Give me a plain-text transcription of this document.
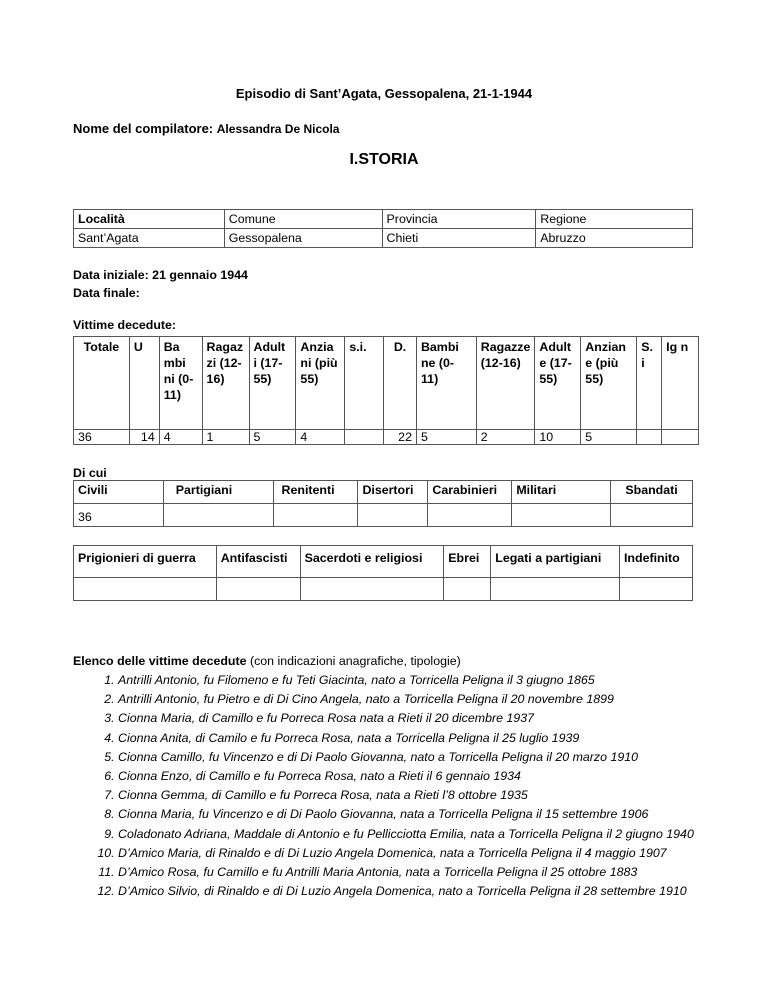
Episodio di Sant’Agata, Gessopalena, 21-1-1944
Nome del compilatore: Alessandra De Nicola
I.STORIA
Località	Comune	Provincia	Regione
Sant’Agata	Gessopalena	Chieti	Abruzzo
Data iniziale: 21 gennaio 1944
Data finale:
Vittime decedute:
Totale	U	Ba mbi ni (0- 11)	Ragaz zi (12- 16)	Adult i (17- 55)	Anzia ni (più 55)	s.i.	D.	Bambi ne (0- 11)	Ragazze (12-16)	Adult e (17- 55)	Anzian e (più 55)	S. i	Ig n
36	14	4	1	5	4		22	5	2	10	5		
Di cui
Civili	Partigiani	Renitenti	Disertori	Carabinieri	Militari	Sbandati
36						
Prigionieri di guerra	Antifascisti	Sacerdoti e religiosi	Ebrei	Legati a partigiani	Indefinito

Elenco delle vittime decedute (con indicazioni anagrafiche, tipologie)
1. Antrilli Antonio, fu Filomeno e fu Teti Giacinta, nato a Torricella Peligna il 3 giugno 1865
2. Antrilli Antonio, fu Pietro e di Di Cino Angela, nato a Torricella Peligna il 20 novembre 1899
3. Cionna Maria, di Camillo e fu Porreca Rosa nata a Rieti il 20 dicembre 1937
4. Cionna Anita, di Camilo e fu Porreca Rosa, nata a Torricella Peligna il 25 luglio 1939
5. Cionna Camillo, fu Vincenzo e di Di Paolo Giovanna, nato a Torricella Peligna il 20 marzo 1910
6. Cionna Enzo, di Camillo e fu Porreca Rosa, nato a Rieti il 6 gennaio 1934
7. Cionna Gemma, di Camillo e fu Porreca Rosa, nata a Rieti l’8 ottobre 1935
8. Cionna Maria, fu Vincenzo e di Di Paolo Giovanna, nata a Torricella Peligna il 15 settembre 1906
9. Coladonato Adriana, Maddale di Antonio e fu Pellicciotta Emilia, nata a Torricella Peligna il 2 giugno 1940
10. D’Amico Maria, di Rinaldo e di Di Luzio Angela Domenica, nata a Torricella Peligna il 4 maggio 1907
11. D’Amico Rosa, fu Camillo e fu Antrilli Maria Antonia, nata a Torricella Peligna il 25 ottobre 1883
12. D’Amico Silvio, di Rinaldo e di Di Luzio Angela Domenica, nato a Torricella Peligna il 28 settembre 1910
